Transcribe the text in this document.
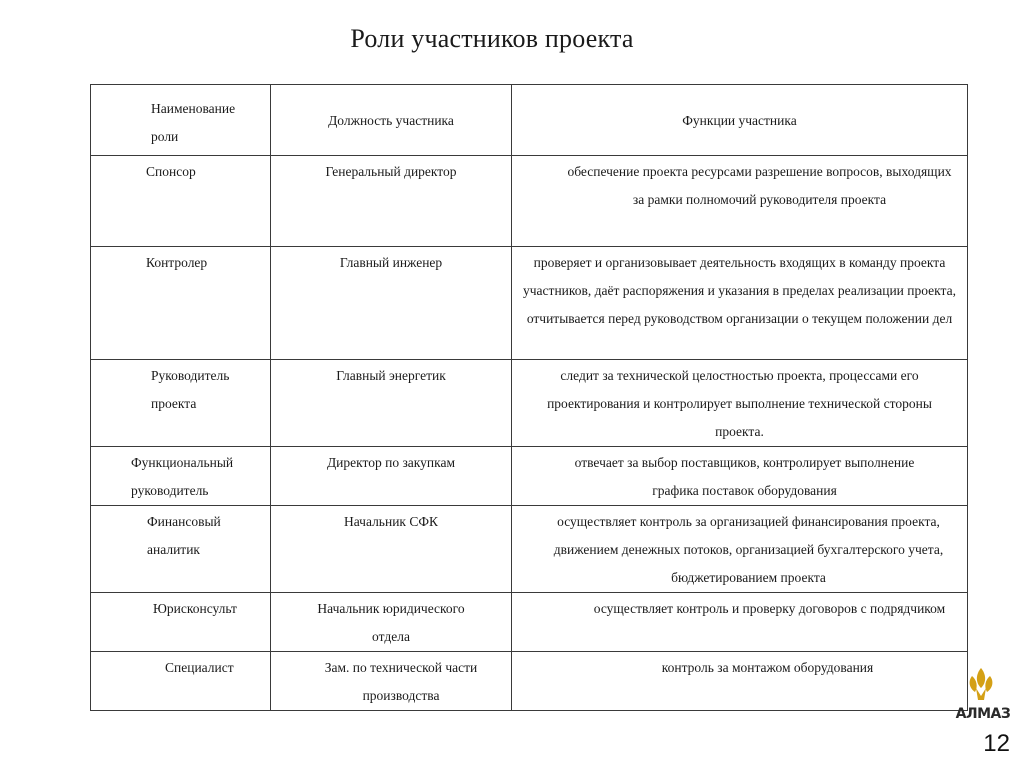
Роли участников проекта
Наименование роли	Должность участника	Функции участника

Спонсор	Генеральный директор	обеспечение проекта ресурсами разрешение вопросов, выходящих за рамки полномочий руководителя проекта

Контролер	Главный инженер	проверяет и организовывает деятельность входящих в команду проекта участников, даёт распоряжения и указания в пределах реализации проекта, отчитывается перед руководством организации о текущем положении дел

Руководитель проекта	Главный энергетик	следит за технической целостностью проекта, процессами его проектирования и контролирует выполнение технической стороны проекта.

Функциональный руководитель	Директор по закупкам	отвечает за выбор поставщиков, контролирует выполнение графика поставок оборудования

Финансовый аналитик	Начальник СФК	осуществляет контроль за организацией финансирования проекта, движением денежных потоков, организацией бухгалтерского учета, бюджетированием проекта

Юрисконсульт	Начальник юридического отдела	осуществляет контроль и проверку договоров с подрядчиком

Специалист	Зам. по технической части производства	контроль за монтажом оборудования
АЛМАЗ
12
